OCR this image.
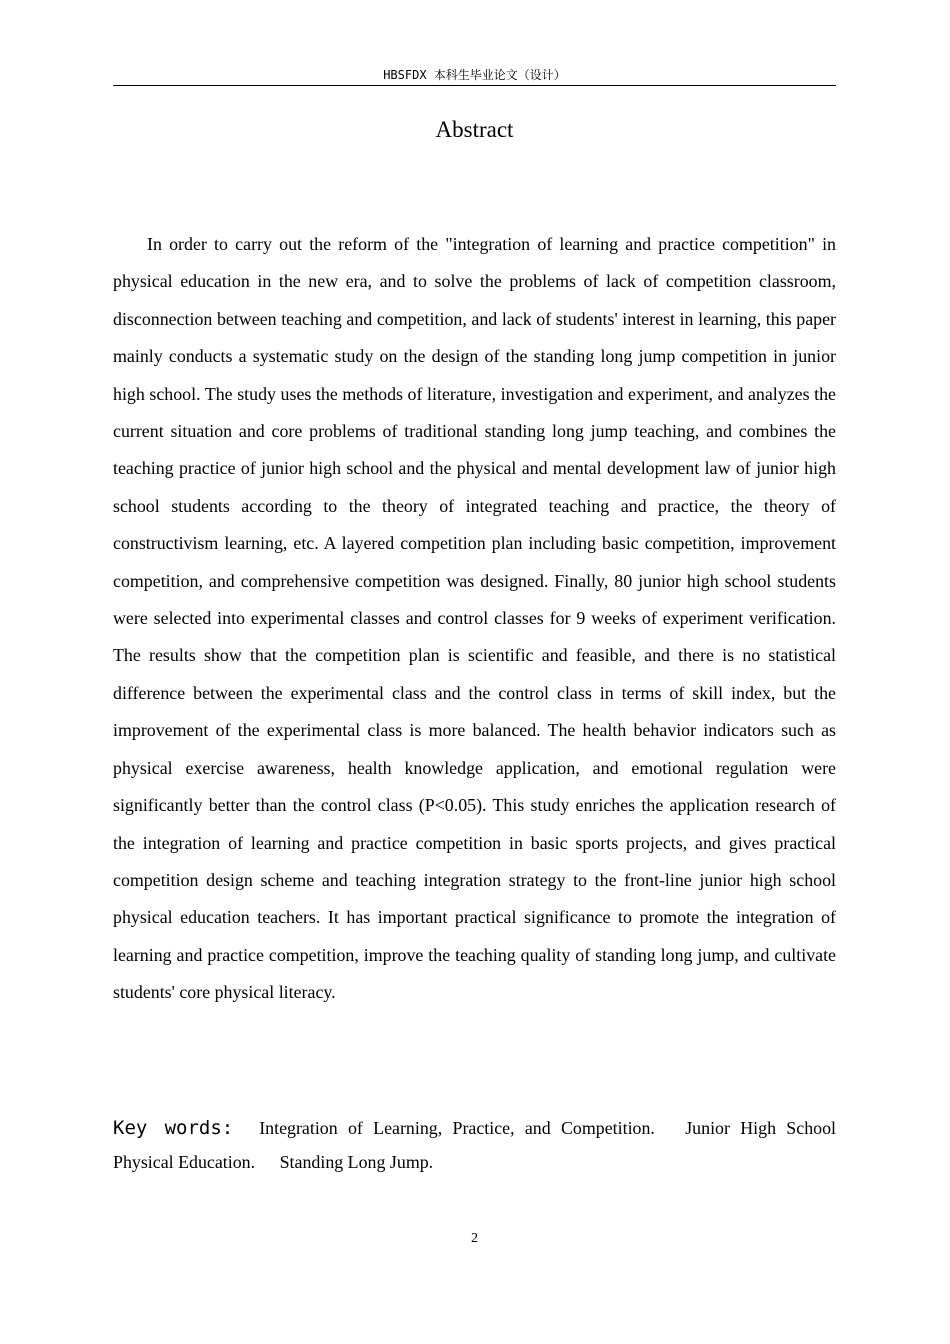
HBSFDX 本科生毕业论文（设计）
Abstract

In order to carry out the reform of the "integration of learning and practice competition" in physical education in the new era, and to solve the problems of lack of competition classroom, disconnection between teaching and competition, and lack of students' interest in learning, this paper mainly conducts a systematic study on the design of the standing long jump competition in junior high school. The study uses the methods of literature, investigation and experiment, and analyzes the current situation and core problems of traditional standing long jump teaching, and combines the teaching practice of junior high school and the physical and mental development law of junior high school students according to the theory of integrated teaching and practice, the theory of constructivism learning, etc. A layered competition plan including basic competition, improvement competition, and comprehensive competition was designed. Finally, 80 junior high school students were selected into experimental classes and control classes for 9 weeks of experiment verification. The results show that the competition plan is scientific and feasible, and there is no statistical difference between the experimental class and the control class in terms of skill index, but the improvement of the experimental class is more balanced. The health behavior indicators such as physical exercise awareness, health knowledge application, and emotional regulation were significantly better than the control class (P<0.05). This study enriches the application research of the integration of learning and practice competition in basic sports projects, and gives practical competition design scheme and teaching integration strategy to the front-line junior high school physical education teachers. It has important practical significance to promote the integration of learning and practice competition, improve the teaching quality of standing long jump, and cultivate students' core physical literacy.

Key words: Integration of Learning, Practice, and Competition. Junior High School Physical Education. Standing Long Jump.

2
